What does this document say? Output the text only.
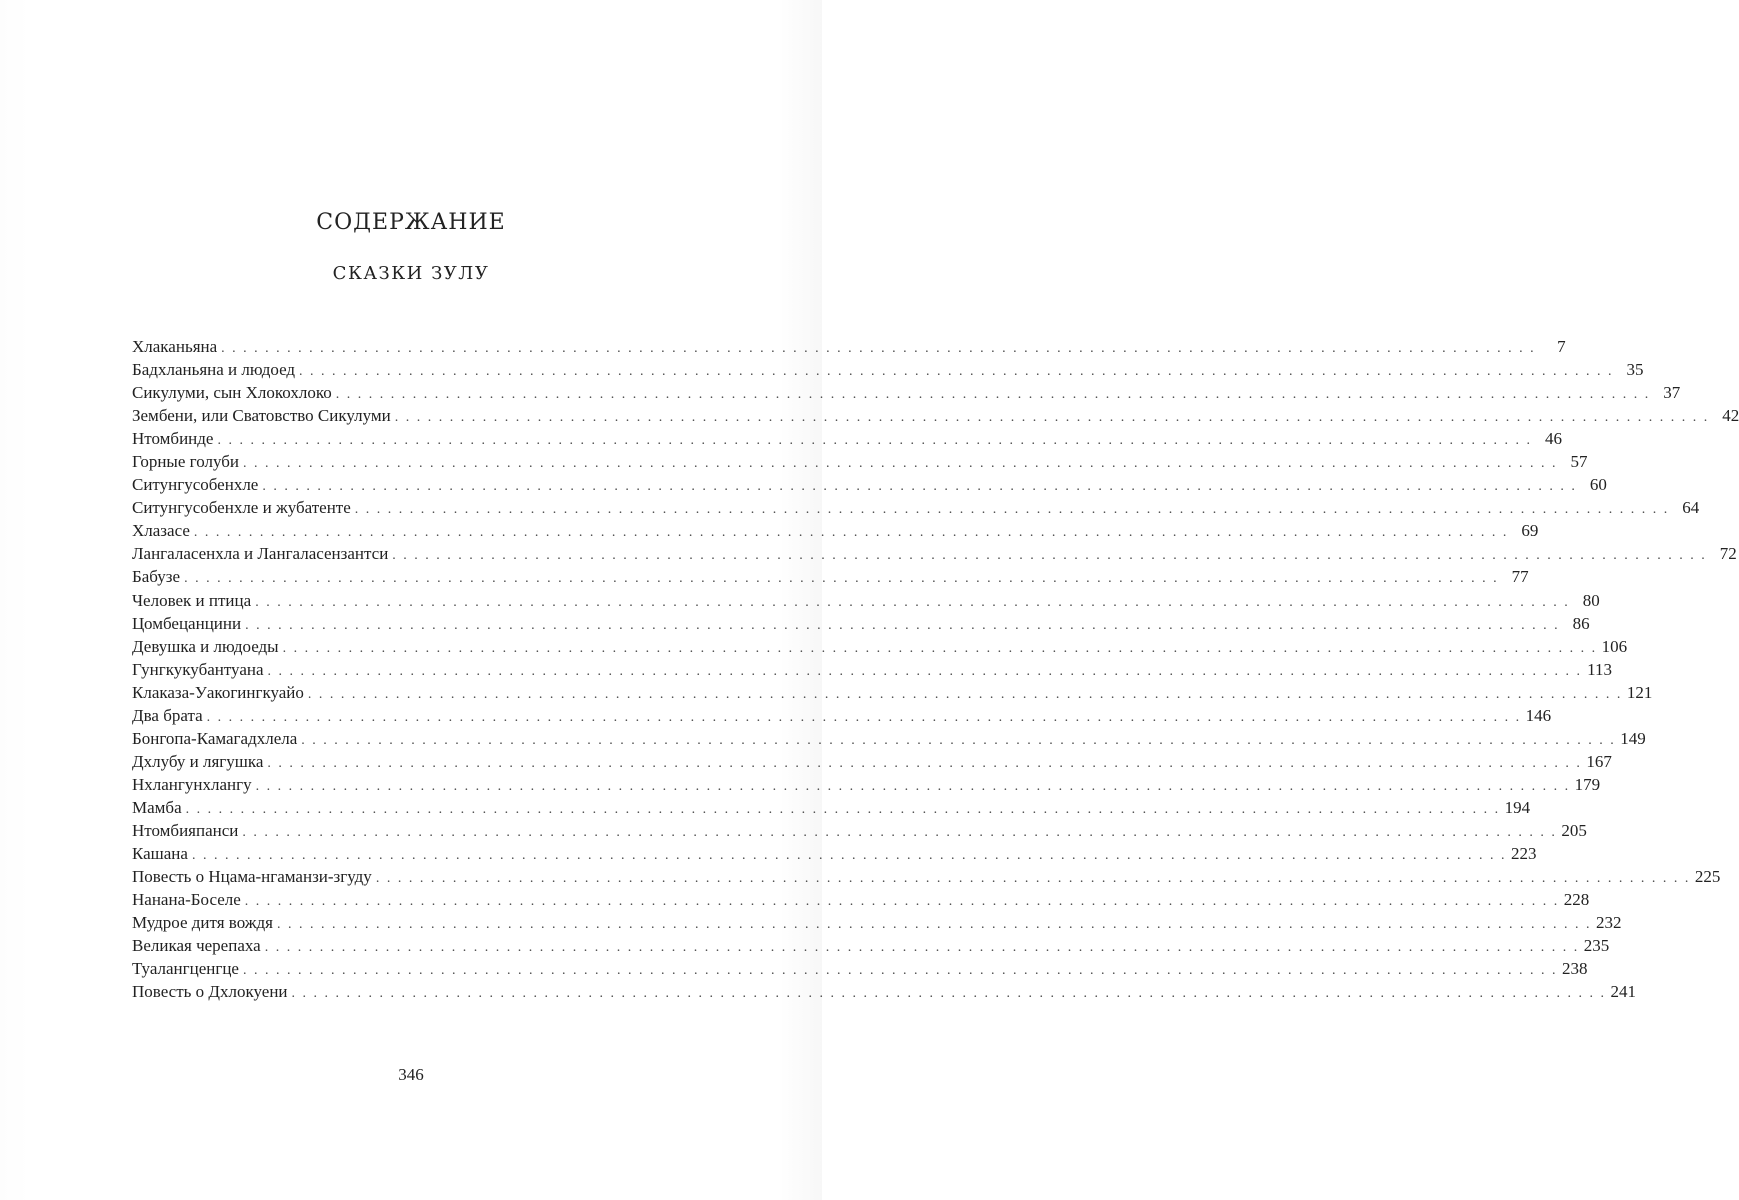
СОДЕРЖАНИЕ
СКАЗКИ ЗУЛУ
Хлаканьяна . . . . . . . . . . . . . . . . . . . . . . . . . . . . . . . . . . . . . . . . . . . . . . . . . . . . . . . . . . . . . . . . . . . . . . . . . . . . . . . . . . . . . . . . . . . . . . . . . . . . . . . . . . . . . . . . . . . . . . . .	7
Бадхланьяна и людоед . . . . . . . . . . . . . . . . . . . . . . . . . . . . . . . . . . . . . . . . . . . . . . . . . . . . . . . . . . . . . . . . . . . . . . . . . . . . . . . . . . . . . . . . . . . . . . . . . . . . . . . . . . . . . . . . . . . . . . . . 35
Сикулуми, сын Хлокохлоко . . . . . . . . . . . . . . . . . . . . . . . . . . . . . . . . . . . . . . . . . . . . . . . . . . . . . . . . . . . . . . . . . . . . . . . . . . . . . . . . . . . . . . . . . . . . . . . . . . . . . . . . . . . . . . . . . . . . . . . . 37
Зембени, или Сватовство Сикулуми . . . . . . . . . . . . . . . . . . . . . . . . . . . . . . . . . . . . . . . . . . . . . . . . . . . . . . . . . . . . . . . . . . . . . . . . . . . . . . . . . . . . . . . . . . . . . . . . . . . . . . . . . . . . . . . . . . . . . . . . 42
Нтомбинде . . . . . . . . . . . . . . . . . . . . . . . . . . . . . . . . . . . . . . . . . . . . . . . . . . . . . . . . . . . . . . . . . . . . . . . . . . . . . . . . . . . . . . . . . . . . . . . . . . . . . . . . . . . . . . . . . . . . . . . . 46
Горные голуби . . . . . . . . . . . . . . . . . . . . . . . . . . . . . . . . . . . . . . . . . . . . . . . . . . . . . . . . . . . . . . . . . . . . . . . . . . . . . . . . . . . . . . . . . . . . . . . . . . . . . . . . . . . . . . . . . . . . . . . . 57
Ситунгусобенхле . . . . . . . . . . . . . . . . . . . . . . . . . . . . . . . . . . . . . . . . . . . . . . . . . . . . . . . . . . . . . . . . . . . . . . . . . . . . . . . . . . . . . . . . . . . . . . . . . . . . . . . . . . . . . . . . . . . . . . . . 60
Ситунгусобенхле и жубатенте . . . . . . . . . . . . . . . . . . . . . . . . . . . . . . . . . . . . . . . . . . . . . . . . . . . . . . . . . . . . . . . . . . . . . . . . . . . . . . . . . . . . . . . . . . . . . . . . . . . . . . . . . . . . . . . . . . . . . . . . 64
Хлазасе . . . . . . . . . . . . . . . . . . . . . . . . . . . . . . . . . . . . . . . . . . . . . . . . . . . . . . . . . . . . . . . . . . . . . . . . . . . . . . . . . . . . . . . . . . . . . . . . . . . . . . . . . . . . . . . . . . . . . . . . 69
Лангаласенхла и Лангаласензантси . . . . . . . . . . . . . . . . . . . . . . . . . . . . . . . . . . . . . . . . . . . . . . . . . . . . . . . . . . . . . . . . . . . . . . . . . . . . . . . . . . . . . . . . . . . . . . . . . . . . . . . . . . . . . . . . . . . . . . . . 72
Бабузе . . . . . . . . . . . . . . . . . . . . . . . . . . . . . . . . . . . . . . . . . . . . . . . . . . . . . . . . . . . . . . . . . . . . . . . . . . . . . . . . . . . . . . . . . . . . . . . . . . . . . . . . . . . . . . . . . . . . . . . . 77
Человек и птица . . . . . . . . . . . . . . . . . . . . . . . . . . . . . . . . . . . . . . . . . . . . . . . . . . . . . . . . . . . . . . . . . . . . . . . . . . . . . . . . . . . . . . . . . . . . . . . . . . . . . . . . . . . . . . . . . . . . . . . . 80
Цомбецанцини . . . . . . . . . . . . . . . . . . . . . . . . . . . . . . . . . . . . . . . . . . . . . . . . . . . . . . . . . . . . . . . . . . . . . . . . . . . . . . . . . . . . . . . . . . . . . . . . . . . . . . . . . . . . . . . . . . . . . . . . 86
Девушка и людоеды . . . . . . . . . . . . . . . . . . . . . . . . . . . . . . . . . . . . . . . . . . . . . . . . . . . . . . . . . . . . . . . . . . . . . . . . . . . . . . . . . . . . . . . . . . . . . . . . . . . . . . . . . . . . . . . . . . . . . . . . 106
Гунгкукубантуана . . . . . . . . . . . . . . . . . . . . . . . . . . . . . . . . . . . . . . . . . . . . . . . . . . . . . . . . . . . . . . . . . . . . . . . . . . . . . . . . . . . . . . . . . . . . . . . . . . . . . . . . . . . . . . . . . . . . . . . . 113
Клаказа-Уакогингкуайо . . . . . . . . . . . . . . . . . . . . . . . . . . . . . . . . . . . . . . . . . . . . . . . . . . . . . . . . . . . . . . . . . . . . . . . . . . . . . . . . . . . . . . . . . . . . . . . . . . . . . . . . . . . . . . . . . . . . . . . . 121
Два брата . . . . . . . . . . . . . . . . . . . . . . . . . . . . . . . . . . . . . . . . . . . . . . . . . . . . . . . . . . . . . . . . . . . . . . . . . . . . . . . . . . . . . . . . . . . . . . . . . . . . . . . . . . . . . . . . . . . . . . . . 146
Бонгопа-Камагадхлела . . . . . . . . . . . . . . . . . . . . . . . . . . . . . . . . . . . . . . . . . . . . . . . . . . . . . . . . . . . . . . . . . . . . . . . . . . . . . . . . . . . . . . . . . . . . . . . . . . . . . . . . . . . . . . . . . . . . . . . . 149
Дхлубу и лягушка . . . . . . . . . . . . . . . . . . . . . . . . . . . . . . . . . . . . . . . . . . . . . . . . . . . . . . . . . . . . . . . . . . . . . . . . . . . . . . . . . . . . . . . . . . . . . . . . . . . . . . . . . . . . . . . . . . . . . . . . 167
Нхлангунхлангу . . . . . . . . . . . . . . . . . . . . . . . . . . . . . . . . . . . . . . . . . . . . . . . . . . . . . . . . . . . . . . . . . . . . . . . . . . . . . . . . . . . . . . . . . . . . . . . . . . . . . . . . . . . . . . . . . . . . . . . . 179
Мамба . . . . . . . . . . . . . . . . . . . . . . . . . . . . . . . . . . . . . . . . . . . . . . . . . . . . . . . . . . . . . . . . . . . . . . . . . . . . . . . . . . . . . . . . . . . . . . . . . . . . . . . . . . . . . . . . . . . . . . . . 194
Нтомбияпанси . . . . . . . . . . . . . . . . . . . . . . . . . . . . . . . . . . . . . . . . . . . . . . . . . . . . . . . . . . . . . . . . . . . . . . . . . . . . . . . . . . . . . . . . . . . . . . . . . . . . . . . . . . . . . . . . . . . . . . . . 205
Кашана . . . . . . . . . . . . . . . . . . . . . . . . . . . . . . . . . . . . . . . . . . . . . . . . . . . . . . . . . . . . . . . . . . . . . . . . . . . . . . . . . . . . . . . . . . . . . . . . . . . . . . . . . . . . . . . . . . . . . . . . 223
Повесть о Нцама-нгаманзи-згуду . . . . . . . . . . . . . . . . . . . . . . . . . . . . . . . . . . . . . . . . . . . . . . . . . . . . . . . . . . . . . . . . . . . . . . . . . . . . . . . . . . . . . . . . . . . . . . . . . . . . . . . . . . . . . . . . . . . . . . . . 225
Нанана-Боселе . . . . . . . . . . . . . . . . . . . . . . . . . . . . . . . . . . . . . . . . . . . . . . . . . . . . . . . . . . . . . . . . . . . . . . . . . . . . . . . . . . . . . . . . . . . . . . . . . . . . . . . . . . . . . . . . . . . . . . . . 228
Мудрое дитя вождя . . . . . . . . . . . . . . . . . . . . . . . . . . . . . . . . . . . . . . . . . . . . . . . . . . . . . . . . . . . . . . . . . . . . . . . . . . . . . . . . . . . . . . . . . . . . . . . . . . . . . . . . . . . . . . . . . . . . . . . . 232
Великая черепаха . . . . . . . . . . . . . . . . . . . . . . . . . . . . . . . . . . . . . . . . . . . . . . . . . . . . . . . . . . . . . . . . . . . . . . . . . . . . . . . . . . . . . . . . . . . . . . . . . . . . . . . . . . . . . . . . . . . . . . . . 235
Туалангценгце . . . . . . . . . . . . . . . . . . . . . . . . . . . . . . . . . . . . . . . . . . . . . . . . . . . . . . . . . . . . . . . . . . . . . . . . . . . . . . . . . . . . . . . . . . . . . . . . . . . . . . . . . . . . . . . . . . . . . . . . 238
Повесть о Дхлокуени . . . . . . . . . . . . . . . . . . . . . . . . . . . . . . . . . . . . . . . . . . . . . . . . . . . . . . . . . . . . . . . . . . . . . . . . . . . . . . . . . . . . . . . . . . . . . . . . . . . . . . . . . . . . . . . . . . . . . . . . 241
346
